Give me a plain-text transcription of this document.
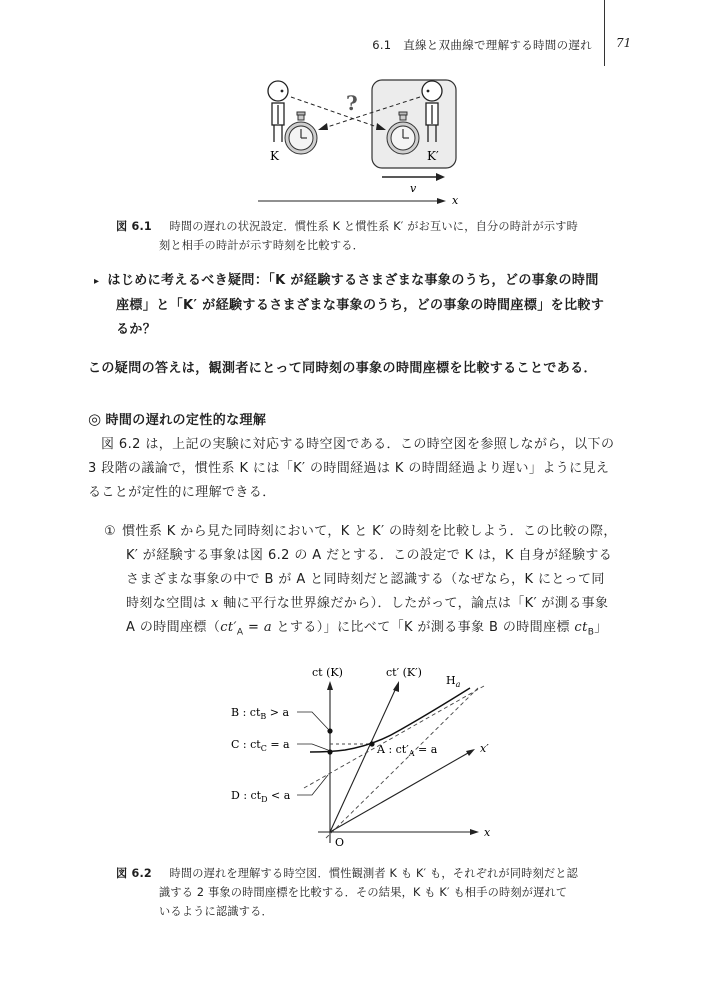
6.1　直線と双曲線で理解する時間の遅れ 71
?
K	K′
v
x
図 6.1 時間の遅れの状況設定．慣性系 K と慣性系 K′ がお互いに，自分の時計が示す時
刻と相手の時計が示す時刻を比較する．
▸ はじめに考えるべき疑問：「K が経験するさまざまな事象のうち，どの事象の時間
座標」と「K′ が経験するさまざまな事象のうち，どの事象の時間座標」を比較す
るか？
この疑問の答えは，観測者にとって同時刻の事象の時間座標を比較することである．
◎ 時間の遅れの定性的な理解
図 6.2 は，上記の実験に対応する時空図である．この時空図を参照しながら，以下の
3 段階の議論で，慣性系 K には「K′ の時間経過は K の時間経過より遅い」ように見え
ることが定性的に理解できる．
① 慣性系 K から見た同時刻において，K と K′ の時刻を比較しよう．この比較の際，
K′ が経験する事象は図 6.2 の A だとする．この設定で K は，K 自身が経験する
さまざまな事象の中で B が A と同時刻だと認識する（なぜなら，K にとって同
時刻な空間は x 軸に平行な世界線だから）．したがって，論点は「K′ が測る事象
A の時間座標（$ct'_A = a$ とする）」に比べて「K が測る事象 B の時間座標 $ct_B$」
ct (K)	ct′ (K′)
x
x′
$H_a$
B : $ct_B > a$
C : $ct_C = a$
D : $ct_D < a$
A : $ct'_A = a$
O
図 6.2 時間の遅れを理解する時空図．慣性観測者 K も K′ も，それぞれが同時刻だと認
識する 2 事象の時間座標を比較する．その結果，K も K′ も相手の時刻が遅れて
いるように認識する．
